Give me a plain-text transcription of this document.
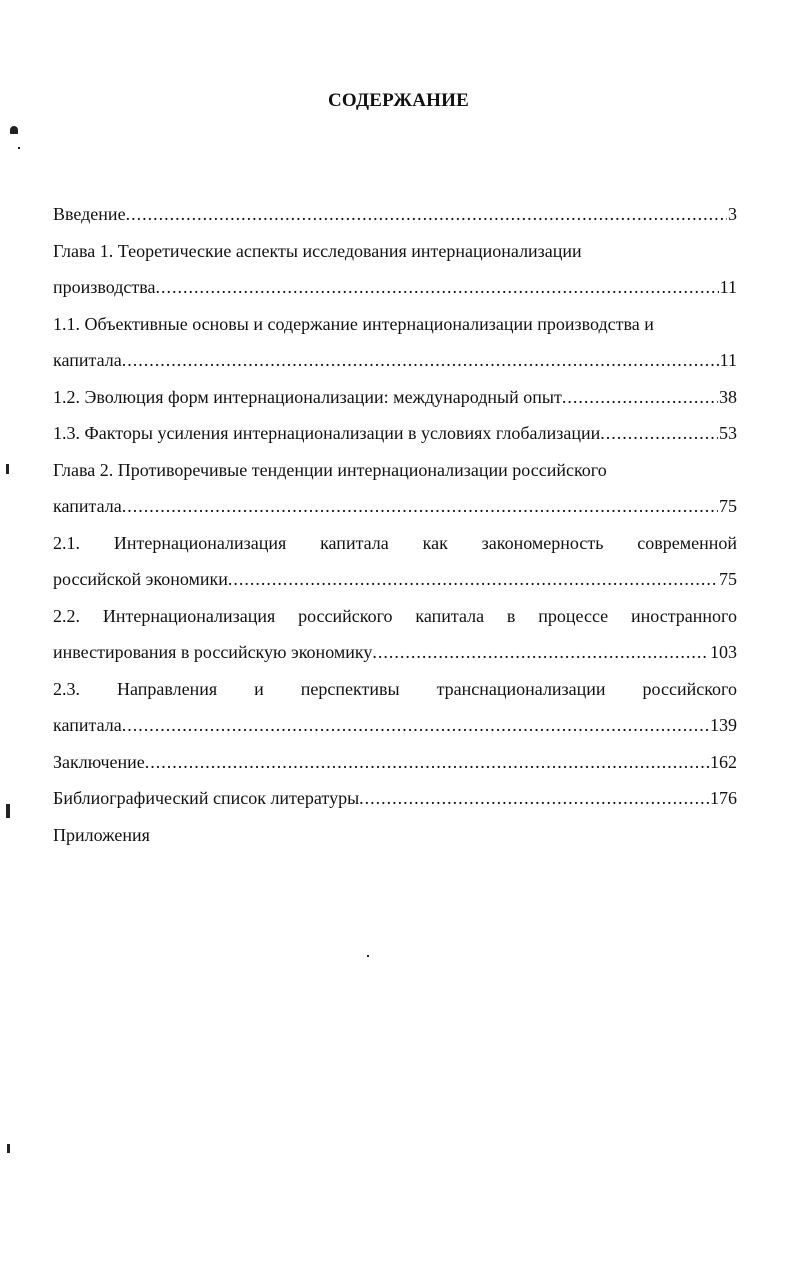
СОДЕРЖАНИЕ
Введение .....	3
Глава 1. Теоретические аспекты исследования интернационализации
производства .....	11
1.1. Объективные основы и содержание интернационализации производства и
капитала .....	11
1.2. Эволюция форм интернационализации: международный опыт .....	38
1.3. Факторы усиления интернационализации в условиях глобализации .....	53
Глава 2. Противоречивые тенденции интернационализации российского
капитала .....	75
2.1. Интернационализация капитала как закономерность современной
российской экономики .....	75
2.2. Интернационализация российского капитала в процессе иностранного
инвестирования в российскую экономику .....	103
2.3. Направления и перспективы транснационализации российского
капитала .....	139
Заключение .....	162
Библиографический список литературы .....	176
Приложения
